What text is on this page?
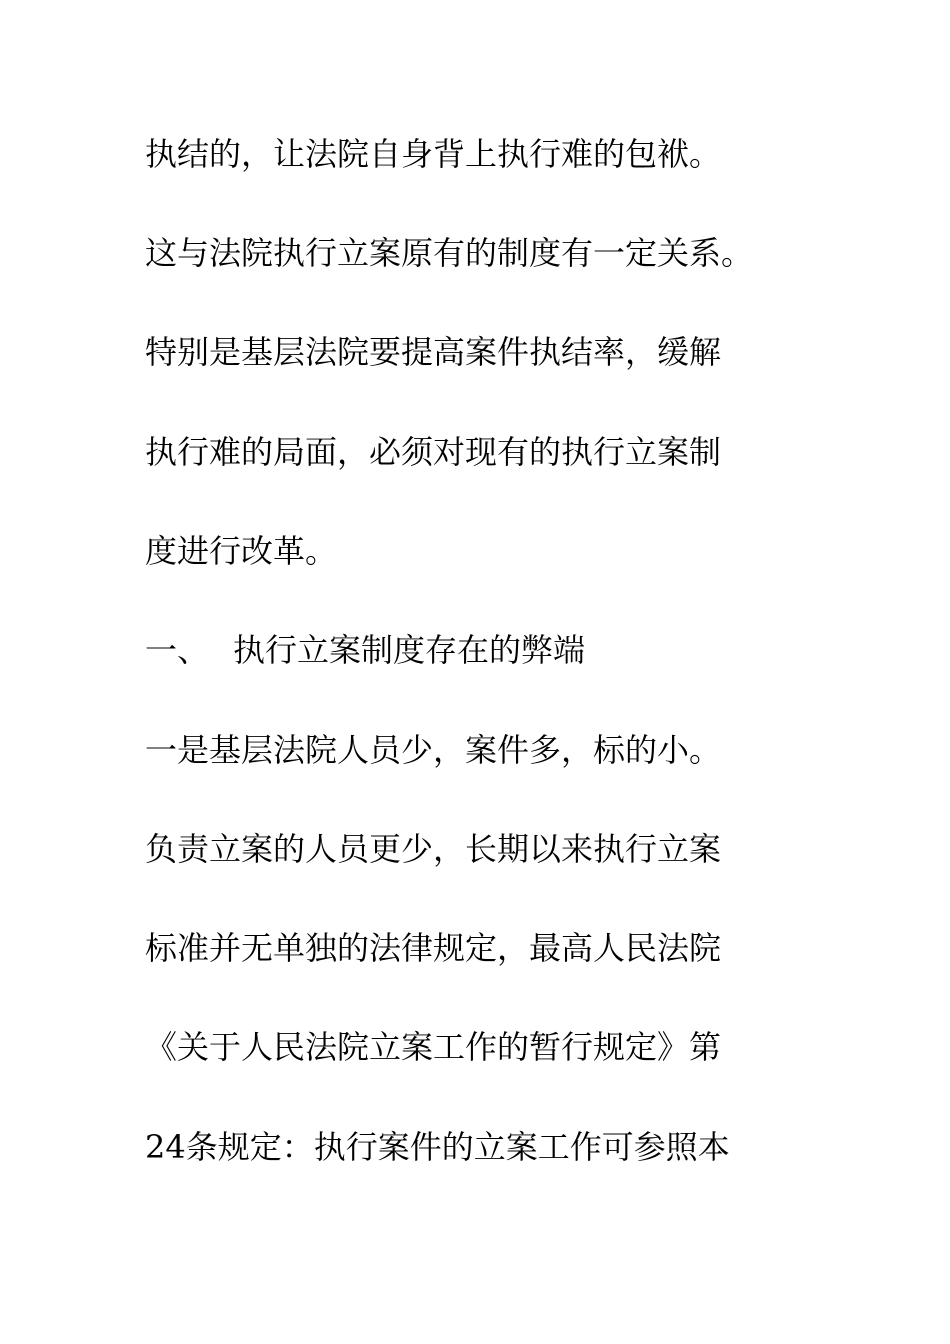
执结的，让法院自身背上执行难的包袱。

这与法院执行立案原有的制度有一定关系。

特别是基层法院要提高案件执结率，缓解

执行难的局面，必须对现有的执行立案制

度进行改革。

一、 执行立案制度存在的弊端

一是基层法院人员少，案件多，标的小。

负责立案的人员更少，长期以来执行立案

标准并无单独的法律规定，最高人民法院

《关于人民法院立案工作的暂行规定》第

24条规定：执行案件的立案工作可参照本
